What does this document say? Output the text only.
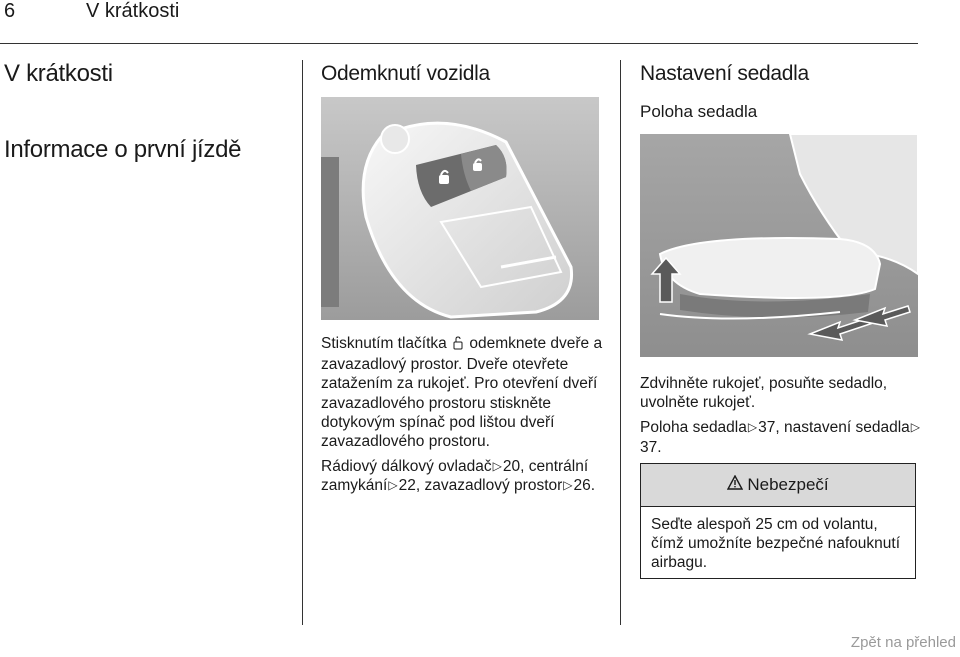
6	V krátkosti
V krátkosti
Informace o první jízdě
Odemknutí vozidla

Stisknutím tlačítka odemknete dveře a zavazadlový prostor. Dveře otevřete zatažením za rukojeť. Pro otevření dveří zavazadlového prostoru stiskněte dotykovým spínač pod lištou dveří zavazadlového prostoru.

Rádiový dálkový ovladač▷20, centrální zamykání▷22, zavazadlový prostor▷26.

Nastavení sedadla
Poloha sedadla

Zdvihněte rukojeť, posuňte sedadlo, uvolněte rukojeť.

Poloha sedadla▷37, nastavení sedadla▷37.

Nebezpečí
Seďte alespoň 25 cm od volantu, čímž umožníte bezpečné nafouknutí airbagu.
Zpět na přehled
